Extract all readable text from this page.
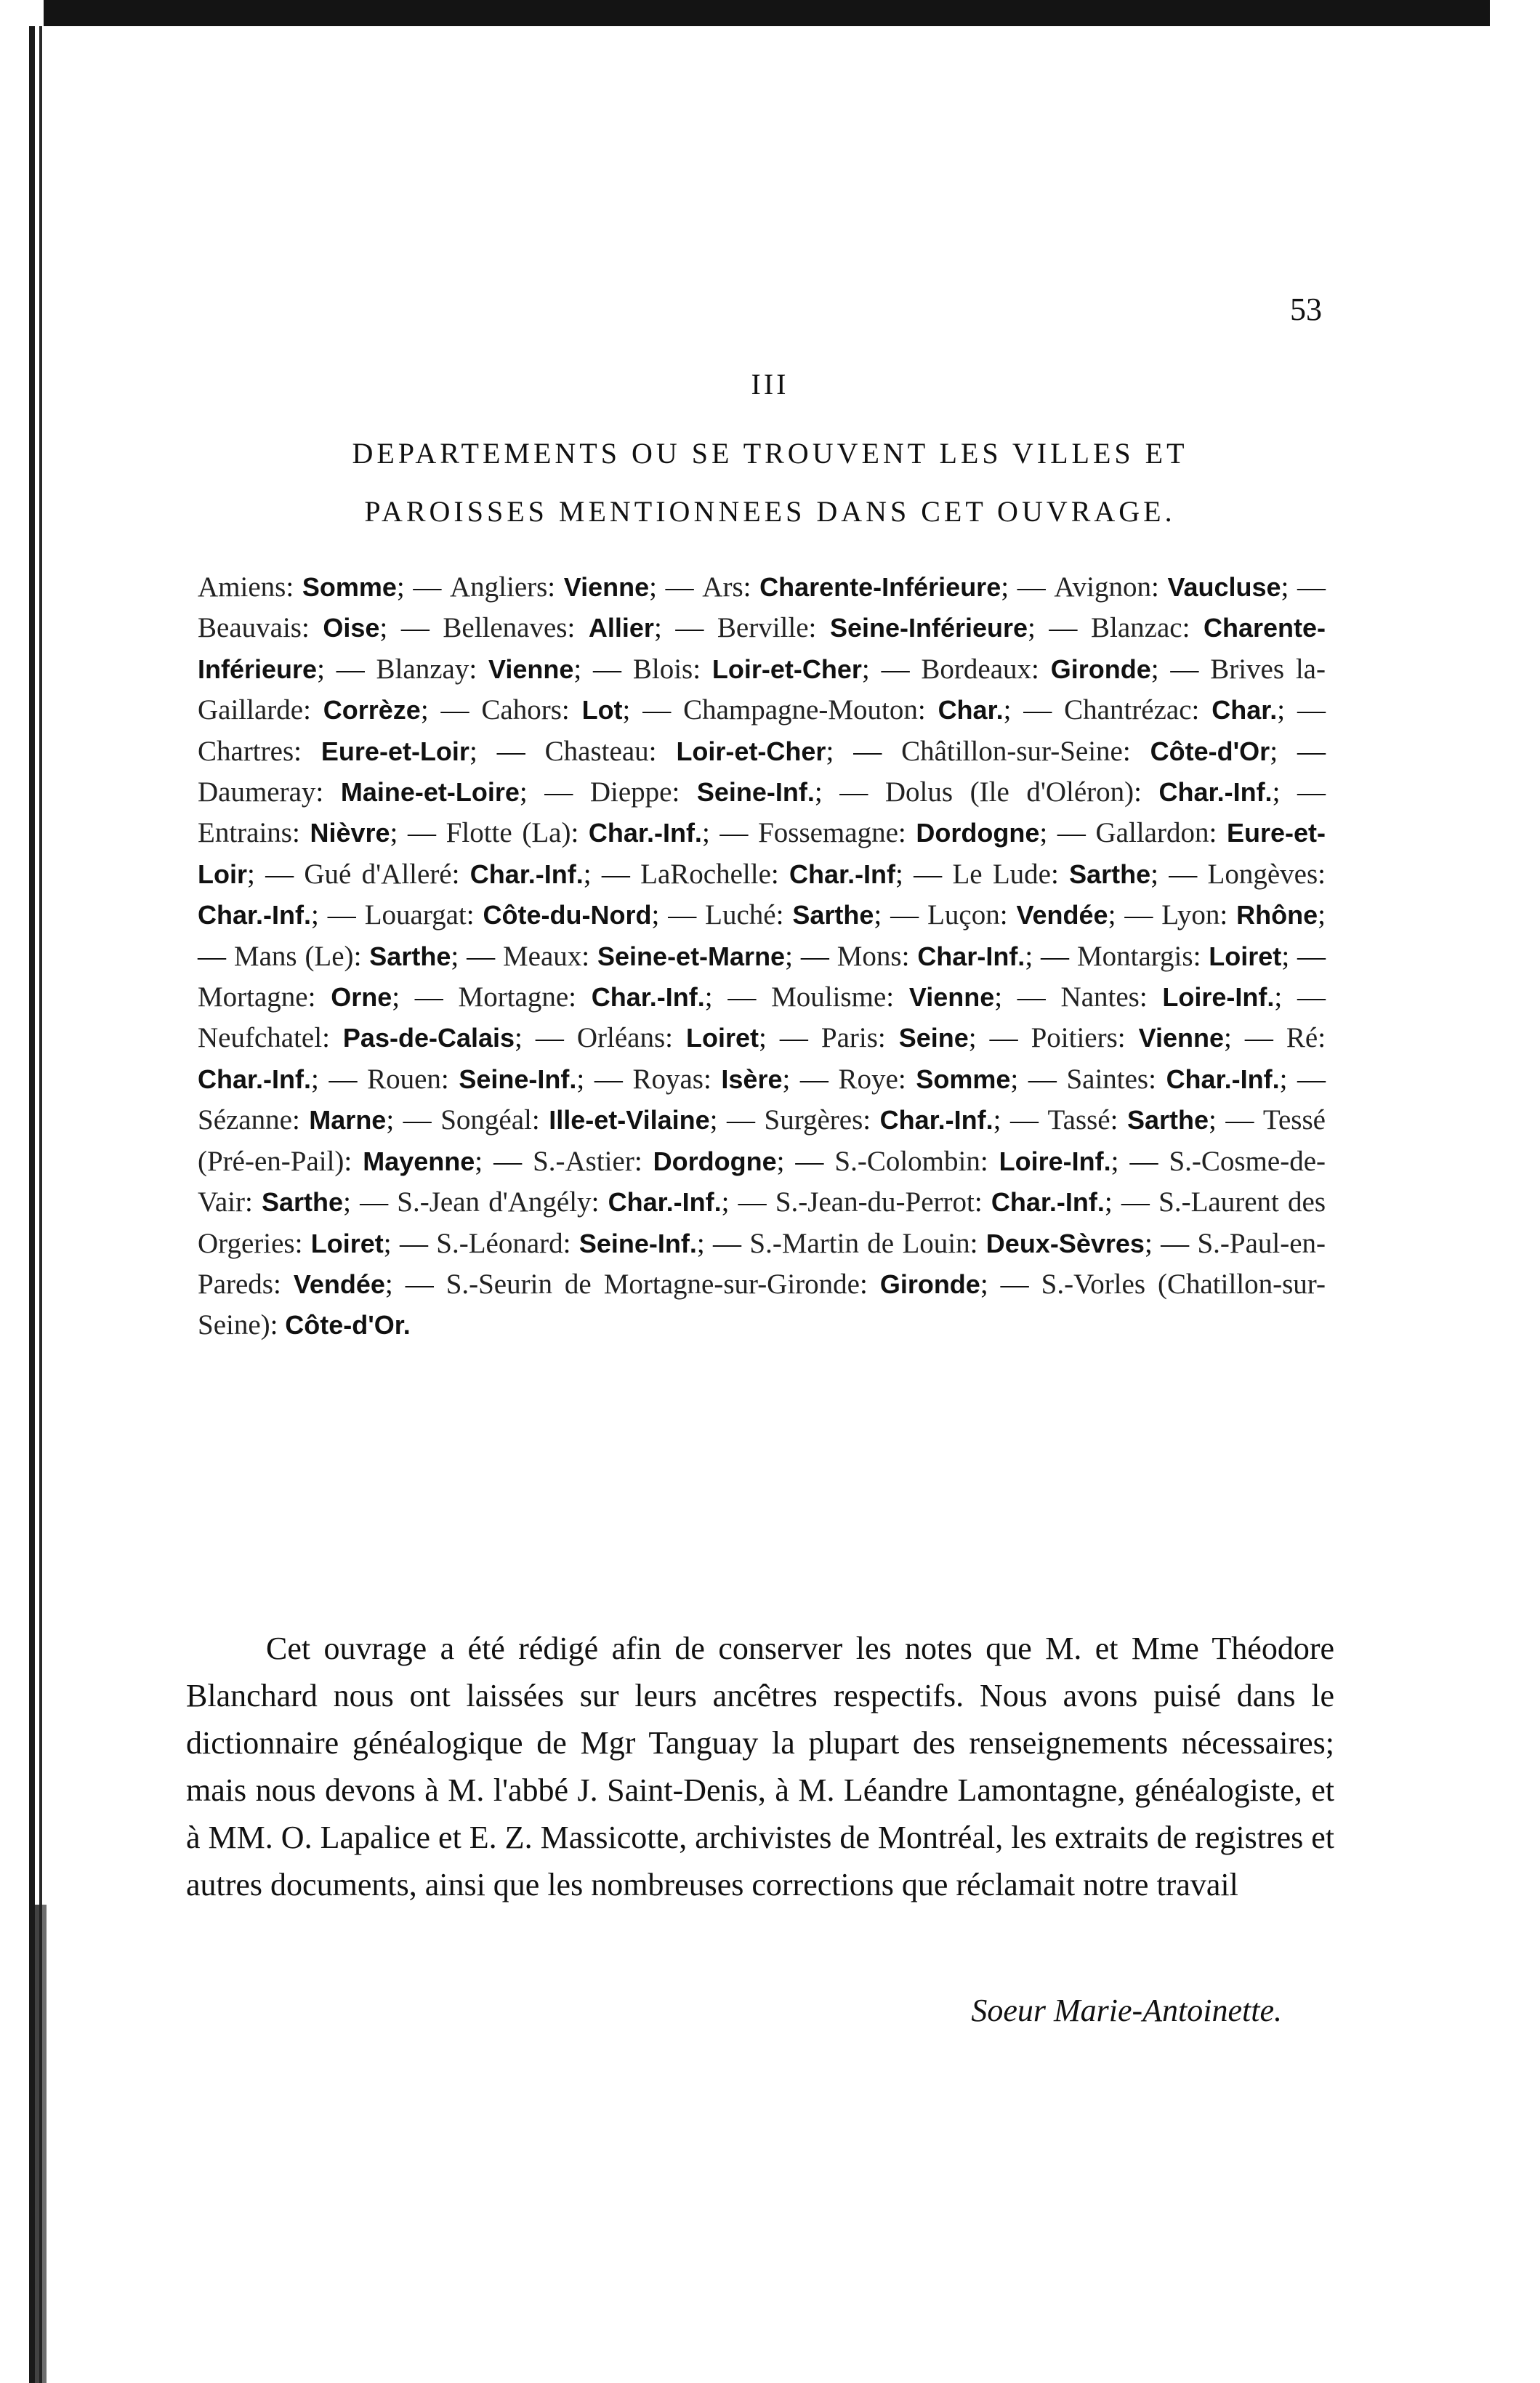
53
III
DEPARTEMENTS OU SE TROUVENT LES VILLES ET
PAROISSES MENTIONNEES DANS CET OUVRAGE.

Amiens: Somme; — Angliers: Vienne; — Ars: Charente-Inférieure; — Avignon: Vaucluse; — Beauvais: Oise; — Bellenaves: Allier; — Berville: Seine-Inférieure; — Blanzac: Charente-Inférieure; — Blanzay: Vienne; — Blois: Loir-et-Cher; — Bordeaux: Gironde; — Brives la-Gaillarde: Corrèze; — Cahors: Lot; — Champagne-Mouton: Char.; — Chantrézac: Char.; — Chartres: Eure-et-Loir; — Chasteau: Loir-et-Cher; — Châtillon-sur-Seine: Côte-d'Or; — Daumeray: Maine-et-Loire; — Dieppe: Seine-Inf.; — Dolus (Ile d'Oléron): Char.-Inf.; — Entrains: Nièvre; — Flotte (La): Char.-Inf.; — Fossemagne: Dordogne; — Gallardon: Eure-et-Loir; — Gué d'Alleré: Char.-Inf.; — LaRochelle: Char.-Inf; — Le Lude: Sarthe; — Longèves: Char.-Inf.; — Louargat: Côte-du-Nord; — Luché: Sarthe; — Luçon: Vendée; — Lyon: Rhône; — Mans (Le): Sarthe; — Meaux: Seine-et-Marne; — Mons: Char-Inf.; — Montargis: Loiret; — Mortagne: Orne; — Mortagne: Char.-Inf.; — Moulisme: Vienne; — Nantes: Loire-Inf.; — Neufchatel: Pas-de-Calais; — Orléans: Loiret; — Paris: Seine; — Poitiers: Vienne; — Ré: Char.-Inf.; — Rouen: Seine-Inf.; — Royas: Isère; — Roye: Somme; — Saintes: Char.-Inf.; — Sézanne: Marne; — Songéal: Ille-et-Vilaine; — Surgères: Char.-Inf.; — Tassé: Sarthe; — Tessé (Pré-en-Pail): Mayenne; — S.-Astier: Dordogne; — S.-Colombin: Loire-Inf.; — S.-Cosme-de-Vair: Sarthe; — S.-Jean d'Angély: Char.-Inf.; — S.-Jean-du-Perrot: Char.-Inf.; — S.-Laurent des Orgeries: Loiret; — S.-Léonard: Seine-Inf.; — S.-Martin de Louin: Deux-Sèvres; — S.-Paul-en-Pareds: Vendée; — S.-Seurin de Mortagne-sur-Gironde: Gironde; — S.-Vorles (Chatillon-sur-Seine): Côte-d'Or.

Cet ouvrage a été rédigé afin de conserver les notes que M. et Mme Théodore Blanchard nous ont laissées sur leurs ancêtres respectifs. Nous avons puisé dans le dictionnaire généalogique de Mgr Tanguay la plupart des renseignements nécessaires; mais nous devons à M. l'abbé J. Saint-Denis, à M. Léandre Lamontagne, généalogiste, et à MM. O. Lapalice et E. Z. Massicotte, archivistes de Montréal, les extraits de registres et autres documents, ainsi que les nombreuses corrections que réclamait notre travail

Soeur Marie-Antoinette.
